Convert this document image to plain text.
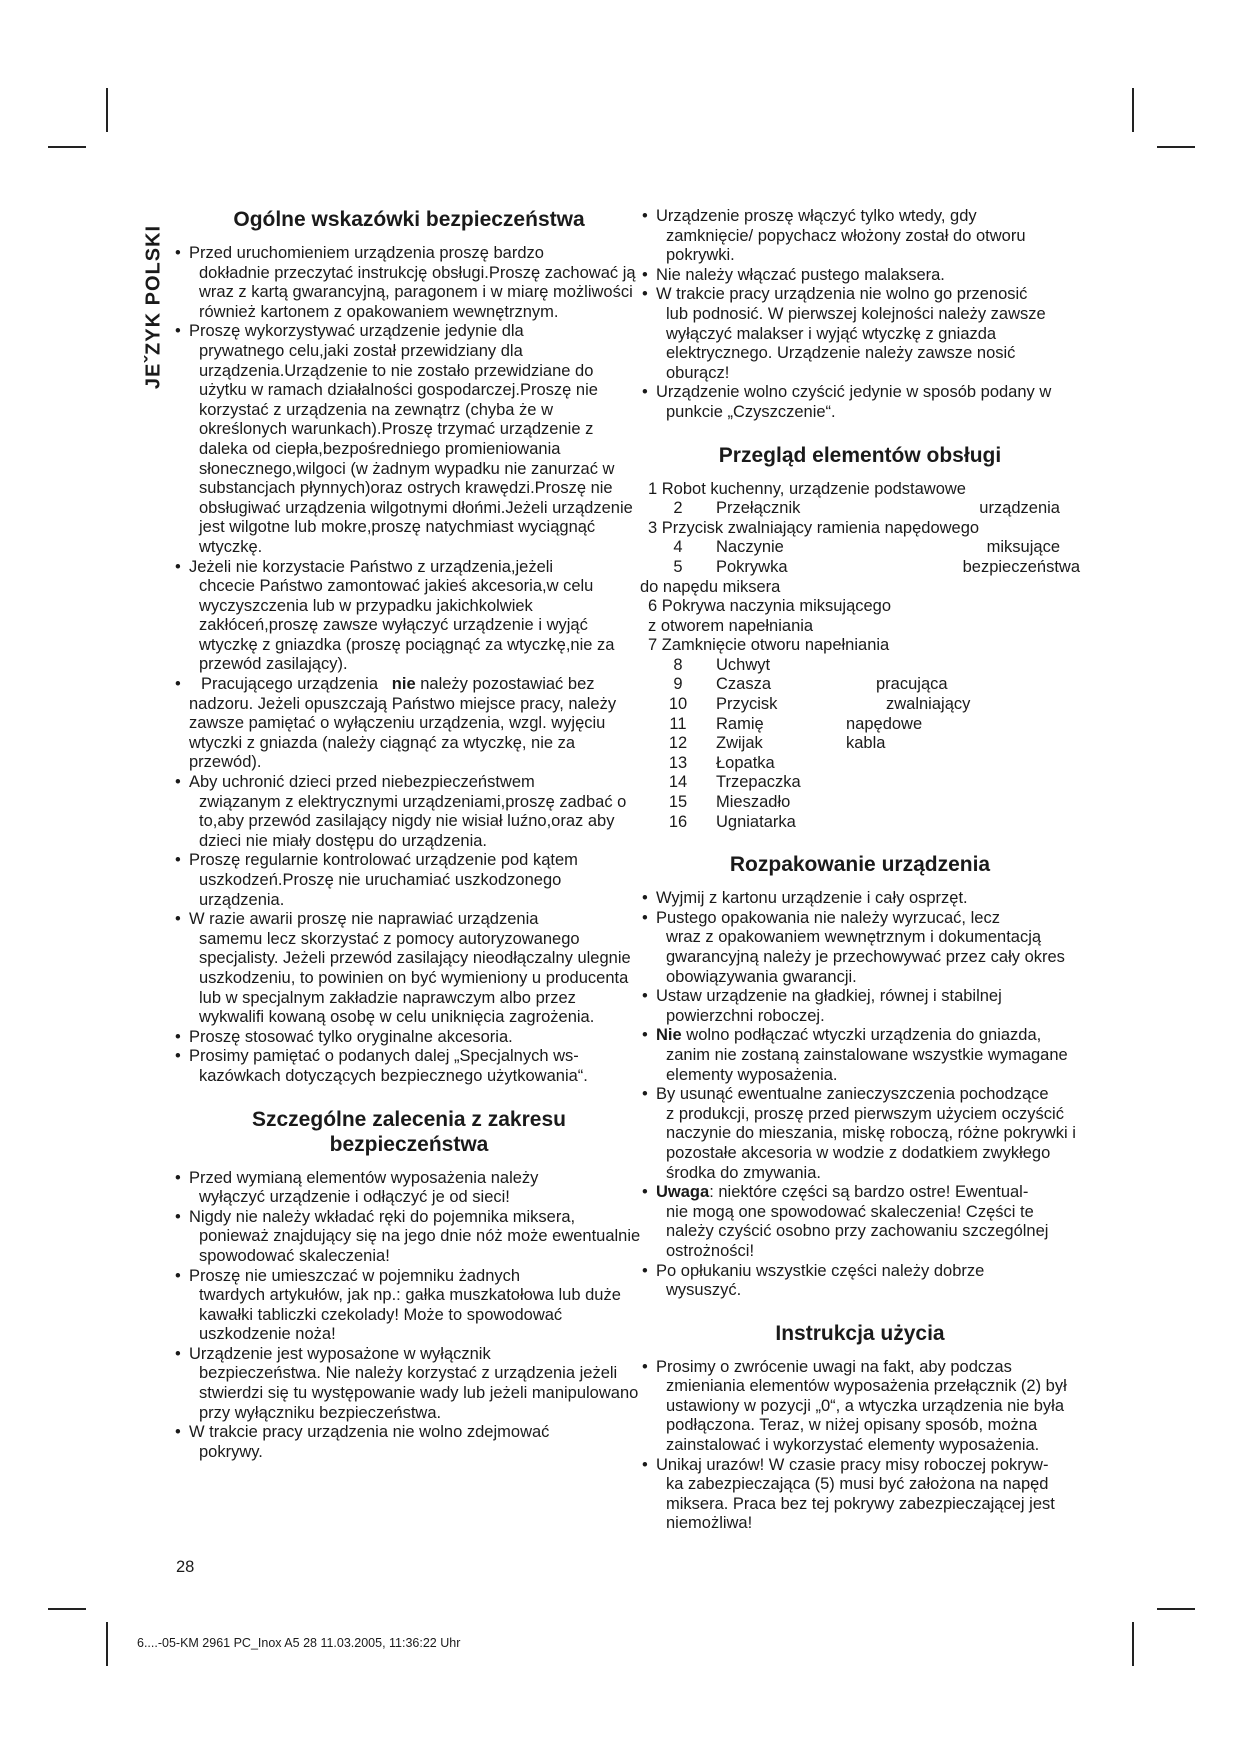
JEˇZYK POLSKI
Ogólne wskazówki bezpieczeństwa
• Przed uruchomieniem urządzenia proszę bardzo
dokładnie przeczytać instrukcję obsługi.Proszę zachować ją wraz z kartą gwarancyjną, paragonem i w miarę możliwości również kartonem z opakowaniem wewnętrznym.
• Proszę wykorzystywać urządzenie jedynie dla
prywatnego celu,jaki został przewidziany dla urządzenia.Urządzenie to nie zostało przewidziane do użytku w ramach działalności gospodarczej.Proszę nie korzystać z urządzenia na zewnątrz (chyba że w określonych warunkach).Proszę trzymać urządzenie z daleka od ciepła,bezpośredniego promieniowania słonecznego,wilgoci (w żadnym wypadku nie zanurzać w substancjach płynnych)oraz ostrych krawędzi.Proszę nie obsługiwać urządzenia wilgotnymi dłońmi.Jeżeli urządzenie jest wilgotne lub mokre,proszę natychmiast wyciągnąć wtyczkę.
• Jeżeli nie korzystacie Państwo z urządzenia,jeżeli
chcecie Państwo zamontować jakieś akcesoria,w celu wyczyszczenia lub w przypadku jakichkolwiek zakłóceń,proszę zawsze wyłączyć urządzenie i wyjąć wtyczkę z gniazdka (proszę pociągnąć za wtyczkę,nie za przewód zasilający).
• Pracującego urządzenia nie należy pozostawiać bez
nadzoru. Jeżeli opuszczają Państwo miejsce pracy, należy zawsze pamiętać o wyłączeniu urządzenia, wzgl. wyjęciu wtyczki z gniazda (należy ciągnąć za wtyczkę, nie za przewód).
• Aby uchronić dzieci przed niebezpieczeństwem
związanym z elektrycznymi urządzeniami,proszę zadbać o to,aby przewód zasilający nigdy nie wisiał luźno,oraz aby dzieci nie miały dostępu do urządzenia.
• Proszę regularnie kontrolować urządzenie pod kątem
uszkodzeń.Proszę nie uruchamiać uszkodzonego urządzenia.
• W razie awarii proszę nie naprawiać urządzenia
samemu lecz skorzystać z pomocy autoryzowanego specjalisty. Jeżeli przewód zasilający nieodłączalny ulegnie uszkodzeniu, to powinien on być wymieniony u producenta lub w specjalnym zakładzie naprawczym albo przez wykwalifi kowaną osobę w celu uniknięcia zagrożenia.
• Proszę stosować tylko oryginalne akcesoria.
• Prosimy pamiętać o podanych dalej „Specjalnych ws-
kazówkach dotyczących bezpiecznego użytkowania“.
Szczególne zalecenia z zakresu bezpieczeństwa
• Przed wymianą elementów wyposażenia należy
wyłączyć urządzenie i odłączyć je od sieci!
• Nigdy nie należy wkładać ręki do pojemnika miksera,
ponieważ znajdujący się na jego dnie nóż może ewentualnie spowodować skaleczenia!
• Proszę nie umieszczać w pojemniku żadnych
twardych artykułów, jak np.: gałka muszkatołowa lub duże kawałki tabliczki czekolady! Może to spowodować uszkodzenie noża!
• Urządzenie jest wyposażone w wyłącznik
bezpieczeństwa. Nie należy korzystać z urządzenia jeżeli stwierdzi się tu występowanie wady lub jeżeli manipulowano przy wyłączniku bezpieczeństwa.
• W trakcie pracy urządzenia nie wolno zdejmować
pokrywy.
• Urządzenie proszę włączyć tylko wtedy, gdy
zamknięcie/ popychacz włożony został do otworu pokrywki.
• Nie należy włączać pustego malaksera.
• W trakcie pracy urządzenia nie wolno go przenosić
lub podnosić. W pierwszej kolejności należy zawsze wyłączyć malakser i wyjąć wtyczkę z gniazda elektrycznego. Urządzenie należy zawsze nosić oburącz!
• Urządzenie wolno czyścić jedynie w sposób podany w
punkcie „Czyszczenie“.
Przegląd elementów obsługi
1 Robot kuchenny, urządzenie podstawowe
2	Przełącznik	urządzenia
3 Przycisk zwalniający ramienia napędowego
4	Naczynie	miksujące
5	Pokrywka	bezpieczeństwa
do napędu miksera
6 Pokrywa naczynia miksującego
z otworem napełniania
7 Zamknięcie otworu napełniania
8	Uchwyt
9	Czasza	pracująca
10	Przycisk	zwalniający
11	Ramię	napędowe
12	Zwijak	kabla
13	Łopatka
14	Trzepaczka
15	Mieszadło
16	Ugniatarka
Rozpakowanie urządzenia
• Wyjmij z kartonu urządzenie i cały osprzęt.
• Pustego opakowania nie należy wyrzucać, lecz
wraz z opakowaniem wewnętrznym i dokumentacją gwarancyjną należy je przechowywać przez cały okres obowiązywania gwarancji.
• Ustaw urządzenie na gładkiej, równej i stabilnej
powierzchni roboczej.
• Nie wolno podłączać wtyczki urządzenia do gniazda,
zanim nie zostaną zainstalowane wszystkie wymagane elementy wyposażenia.
• By usunąć ewentualne zanieczyszczenia pochodzące
z produkcji, proszę przed pierwszym użyciem oczyścić naczynie do mieszania, miskę roboczą, różne pokrywki i pozostałe akcesoria w wodzie z dodatkiem zwykłego środka do zmywania.
• Uwaga: niektóre części są bardzo ostre! Ewentual-
nie mogą one spowodować skaleczenia! Części te należy czyścić osobno przy zachowaniu szczególnej ostrożności!
• Po opłukaniu wszystkie części należy dobrze
wysuszyć.
Instrukcja użycia
• Prosimy o zwrócenie uwagi na fakt, aby podczas
zmieniania elementów wyposażenia przełącznik (2) był ustawiony w pozycji „0“, a wtyczka urządzenia nie była podłączona. Teraz, w niżej opisany sposób, można zainstalować i wykorzystać elementy wyposażenia.
• Unikaj urazów! W czasie pracy misy roboczej pokryw-
ka zabezpieczająca (5) musi być założona na napęd miksera. Praca bez tej pokrywy zabezpieczającej jest niemożliwa!
28
6....-05-KM 2961 PC_Inox A5 28 11.03.2005, 11:36:22 Uhr
